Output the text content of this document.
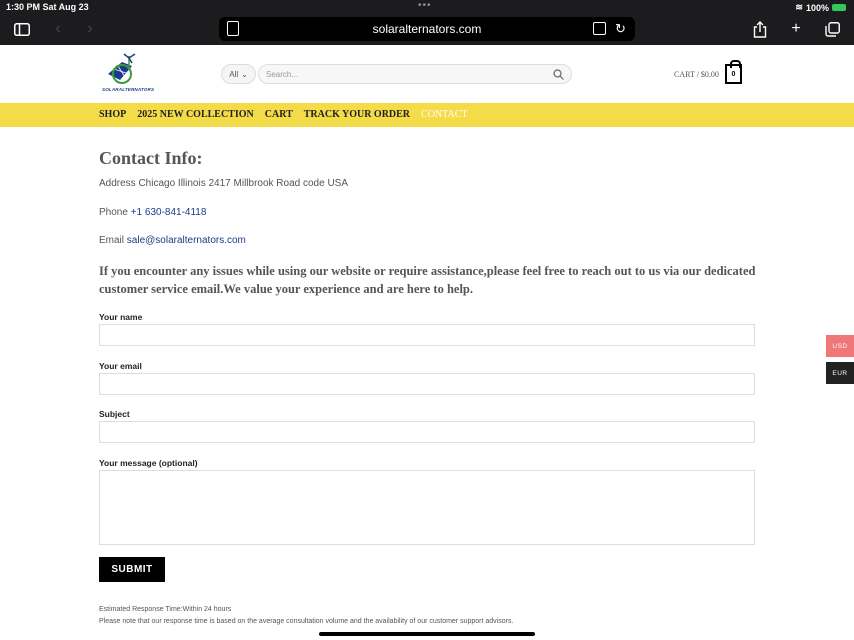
1:30 PM Sat Aug 23	•••	≋ 100%
‹	›	solaralternators.com	↻	+
SOLARALTERNATORS
All ⌄ Search...	CART / $0.00 0
SHOP 2025 NEW COLLECTION CART TRACK YOUR ORDER CONTACT
Contact Info:
Address Chicago Illinois 2417 Millbrook Road code USA
Phone +1 630-841-4118
Email sale@solaralternators.com

If you encounter any issues while using our website or require assistance,please feel free to reach out to us via our dedicated customer service email.We value your experience and are here to help.

Your name
Your email
Subject
Your message (optional)
SUBMIT
Estimated Response Time:Within 24 hours
Please note that our response time is based on the average consultation volume and the availability of our customer support advisors.
USD
EUR
